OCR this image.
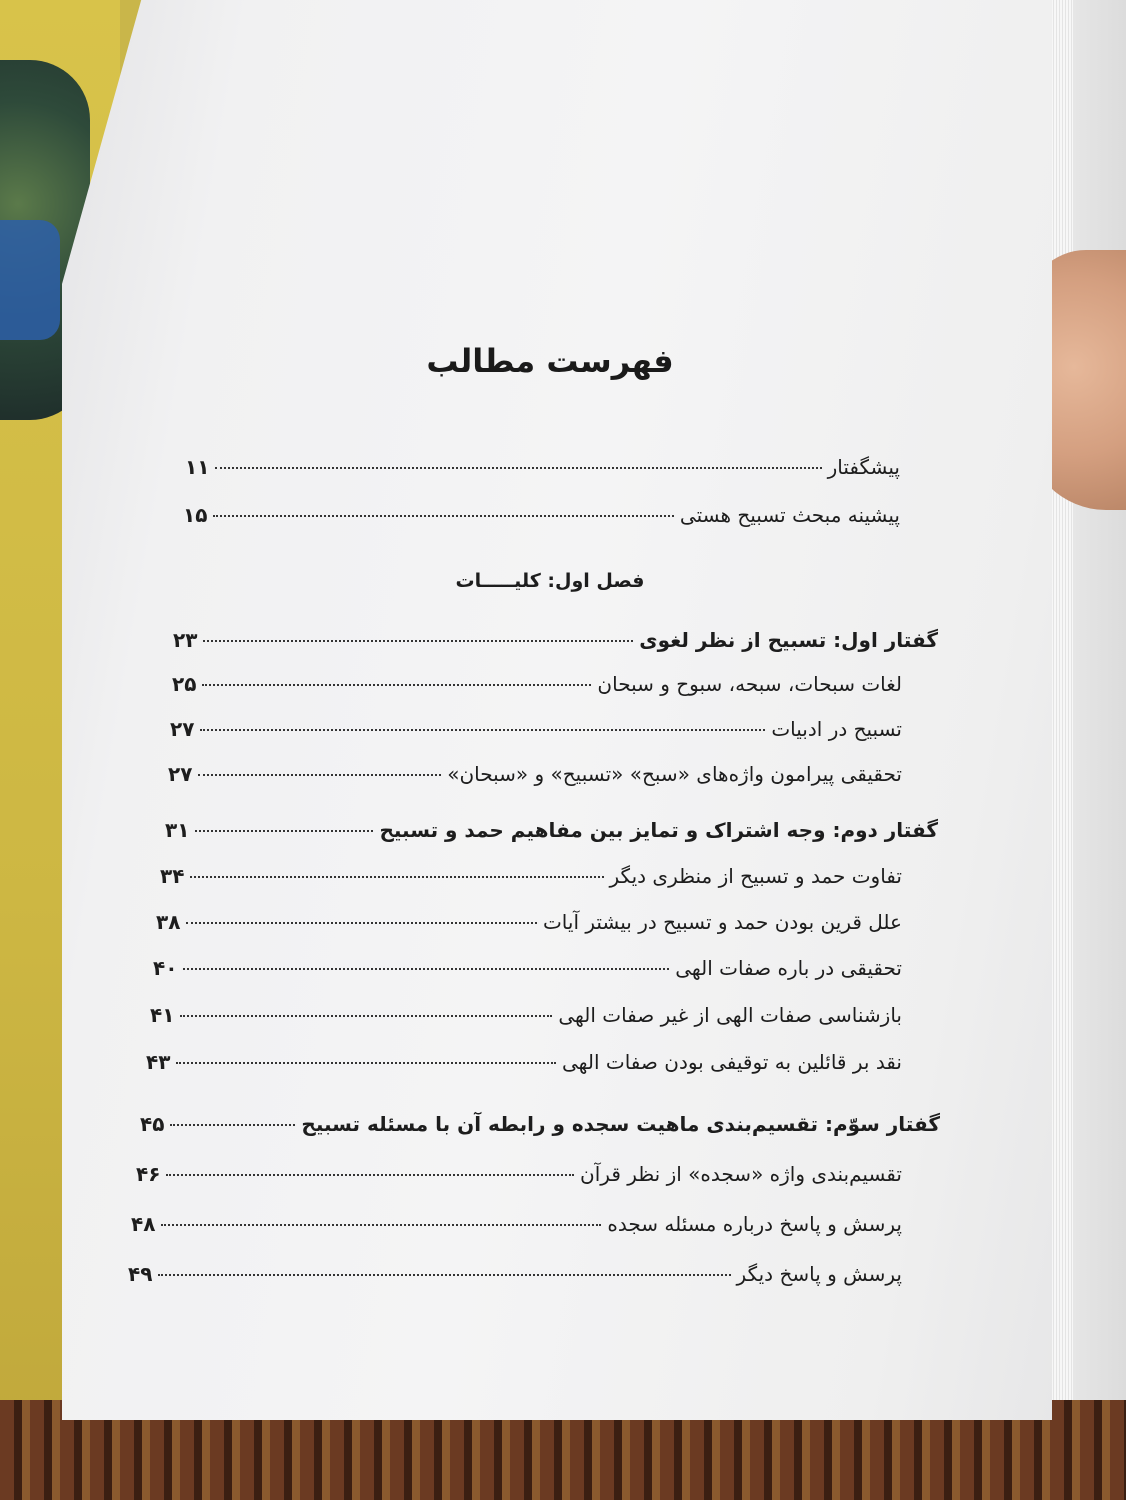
فهرست مطالب
پیشگفتار
۱۱
پیشینه مبحث تسبیح هستی
۱۵
فصل اول: کلیـــــات
گفتار اول: تسبیح از نظر لغوی
۲۳
لغات سبحات، سبحه، سبوح و سبحان
۲۵
تسبیح در ادبیات
۲۷
تحقیقی پیرامون واژه‌های «سبح» «تسبیح» و «سبحان»
۲۷
گفتار دوم: وجه اشتراک و تمایز بین مفاهیم حمد و تسبیح
۳۱
تفاوت حمد و تسبیح از منظری دیگر
۳۴
علل قرین بودن حمد و تسبیح در بیشتر آیات
۳۸
تحقیقی در باره صفات الهی
۴۰
بازشناسی صفات الهی از غیر صفات الهی
۴۱
نقد بر قائلین به توقیفی بودن صفات الهی
۴۳
گفتار سوّم: تقسیم‌بندی ماهیت سجده و رابطه آن با مسئله تسبیح
۴۵
تقسیم‌بندی واژه «سجده» از نظر قرآن
۴۶
پرسش و پاسخ درباره مسئله سجده
۴۸
پرسش و پاسخ دیگر
۴۹
